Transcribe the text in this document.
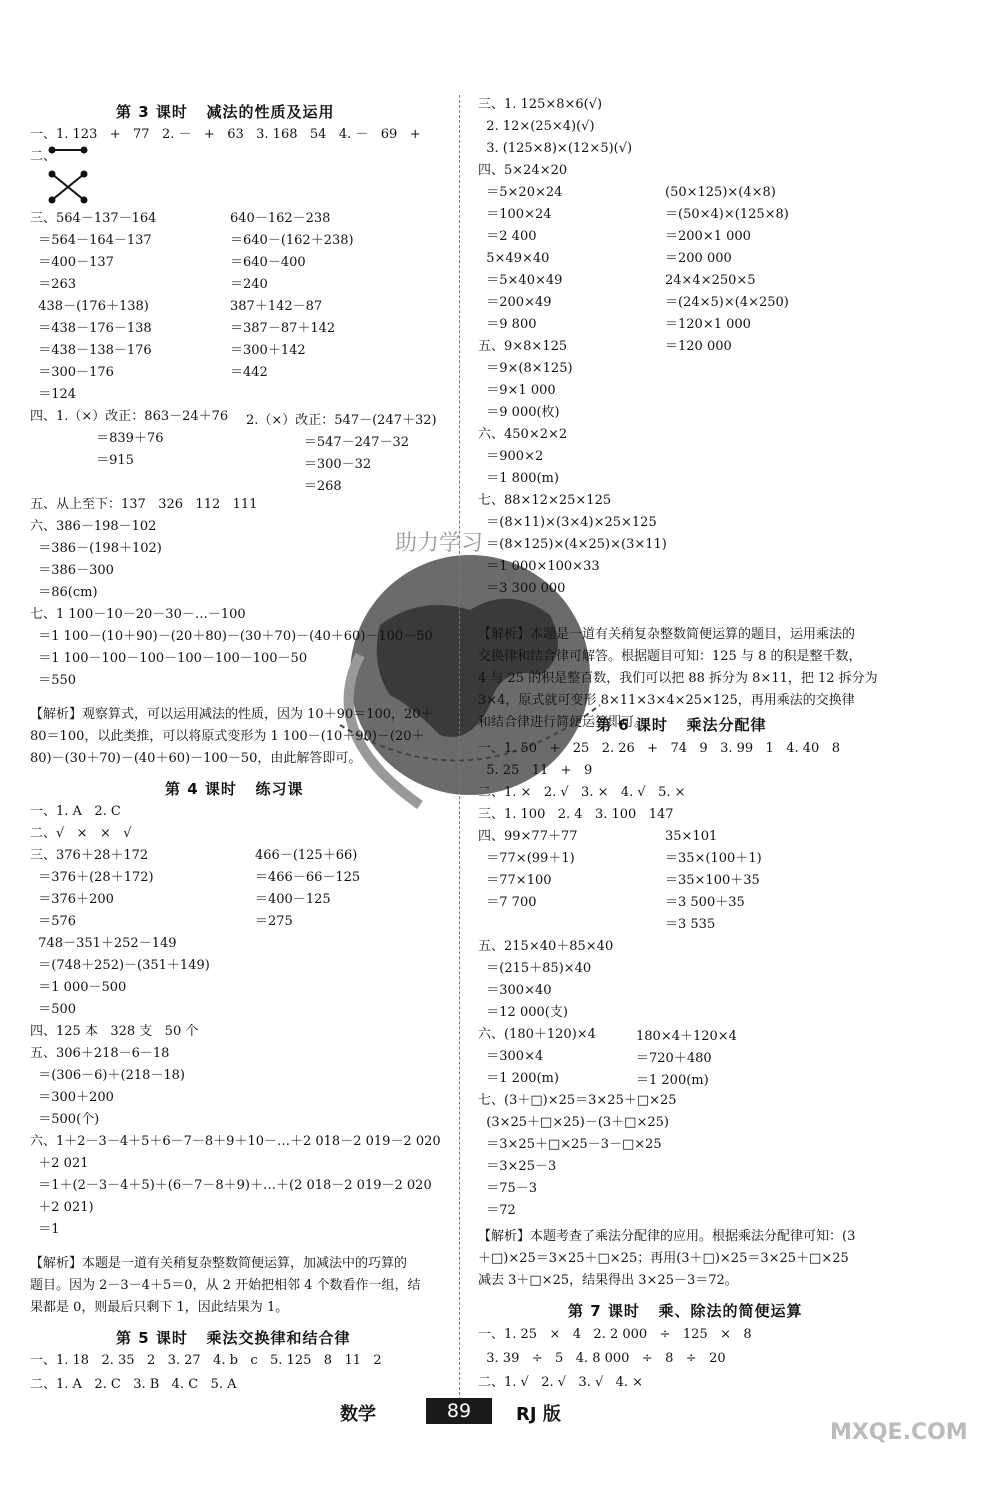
助力学习
数学	89	RJ 版
MXQE.COM
第 3 课时   减法的性质及运用
一、1. 123   +   77   2. －   +   63   3. 168   54   4. －   69   +
二、
三、564－137－164
＝564－164－137
＝400－137
＝263
438－(176＋138)
＝438－176－138
＝438－138－176
＝300－176
＝124
四、1.（×）改正：863－24＋76
＝839＋76
＝915
五、从上至下：137   326   112   111
六、386－198－102
＝386－(198＋102)
＝386－300
＝86(cm)
七、1 100－10－20－30－…－100
＝1 100－(10＋90)－(20＋80)－(30＋70)－(40＋60)－100－50
＝1 100－100－100－100－100－100－50
＝550
640－162－238
＝640－(162＋238)
＝640－400
＝240
387＋142－87
＝387－87＋142
＝300＋142
＝442
2.（×）改正：547－(247＋32)
＝547－247－32
＝300－32
＝268
【解析】观察算式，可以运用减法的性质，因为 10＋90＝100，20＋
80＝100，以此类推，可以将原式变形为 1 100－(10＋90)－(20＋
80)－(30＋70)－(40＋60)－100－50，由此解答即可。
第 4 课时   练习课
一、1. A   2. C
二、√   ×   ×   √
三、376＋28＋172
＝376＋(28＋172)
＝376＋200
＝576
748－351＋252－149
＝(748＋252)－(351＋149)
＝1 000－500
＝500
四、125 本   328 支   50 个
五、306＋218－6－18
＝(306－6)＋(218－18)
＝300＋200
＝500(个)
六、1＋2－3－4＋5＋6－7－8＋9＋10－…＋2 018－2 019－2 020
＋2 021
＝1＋(2－3－4＋5)＋(6－7－8＋9)＋…＋(2 018－2 019－2 020
＋2 021)
＝1
466－(125＋66)
＝466－66－125
＝400－125
＝275
【解析】本题是一道有关稍复杂整数简便运算，加减法中的巧算的
题目。因为 2－3－4＋5＝0，从 2 开始把相邻 4 个数看作一组，结
果都是 0，则最后只剩下 1，因此结果为 1。
第 5 课时   乘法交换律和结合律
一、1. 18   2. 35   2   3. 27   4. b   c   5. 125   8   11   2
二、1. A   2. C   3. B   4. C   5. A
三、1. 125×8×6(√)
2. 12×(25×4)(√)
3. (125×8)×(12×5)(√)
四、5×24×20
＝5×20×24
＝100×24
＝2 400
5×49×40
＝5×40×49
＝200×49
＝9 800
五、9×8×125
＝9×(8×125)
＝9×1 000
＝9 000(枚)
六、450×2×2
＝900×2
＝1 800(m)
七、88×12×25×125
＝(8×11)×(3×4)×25×125
＝(8×125)×(4×25)×(3×11)
＝1 000×100×33
＝3 300 000
(50×125)×(4×8)
＝(50×4)×(125×8)
＝200×1 000
＝200 000
24×4×250×5
＝(24×5)×(4×250)
＝120×1 000
＝120 000
【解析】本题是一道有关稍复杂整数简便运算的题目，运用乘法的
交换律和结合律可解答。根据题目可知：125 与 8 的积是整千数，
4 与 25 的积是整百数，我们可以把 88 拆分为 8×11，把 12 拆分为
3×4，原式就可变形 8×11×3×4×25×125，再用乘法的交换律
和结合律进行简便运算即可。
第 6 课时   乘法分配律
一、1. 50   +   25   2. 26   +   74   9   3. 99   1   4. 40   8
5. 25   11   +   9
二、1. ×   2. √   3. ×   4. √   5. ×
三、1. 100   2. 4   3. 100   147
四、99×77＋77
＝77×(99＋1)
＝77×100
＝7 700
五、215×40＋85×40
＝(215＋85)×40
＝300×40
＝12 000(支)
六、(180＋120)×4
＝300×4
＝1 200(m)
七、(3＋□)×25＝3×25＋□×25
(3×25＋□×25)－(3＋□×25)
＝3×25＋□×25－3－□×25
＝3×25－3
＝75－3
＝72
35×101
＝35×(100＋1)
＝35×100＋35
＝3 500＋35
＝3 535
180×4＋120×4
＝720＋480
＝1 200(m)
【解析】本题考查了乘法分配律的应用。根据乘法分配律可知：(3
＋□)×25＝3×25＋□×25；再用(3＋□)×25＝3×25＋□×25
减去 3＋□×25，结果得出 3×25－3＝72。
第 7 课时   乘、除法的简便运算
一、1. 25   ×   4   2. 2 000   ÷   125   ×   8
3. 39   ÷   5   4. 8 000   ÷   8   ÷   20
二、1. √   2. √   3. √   4. ×
